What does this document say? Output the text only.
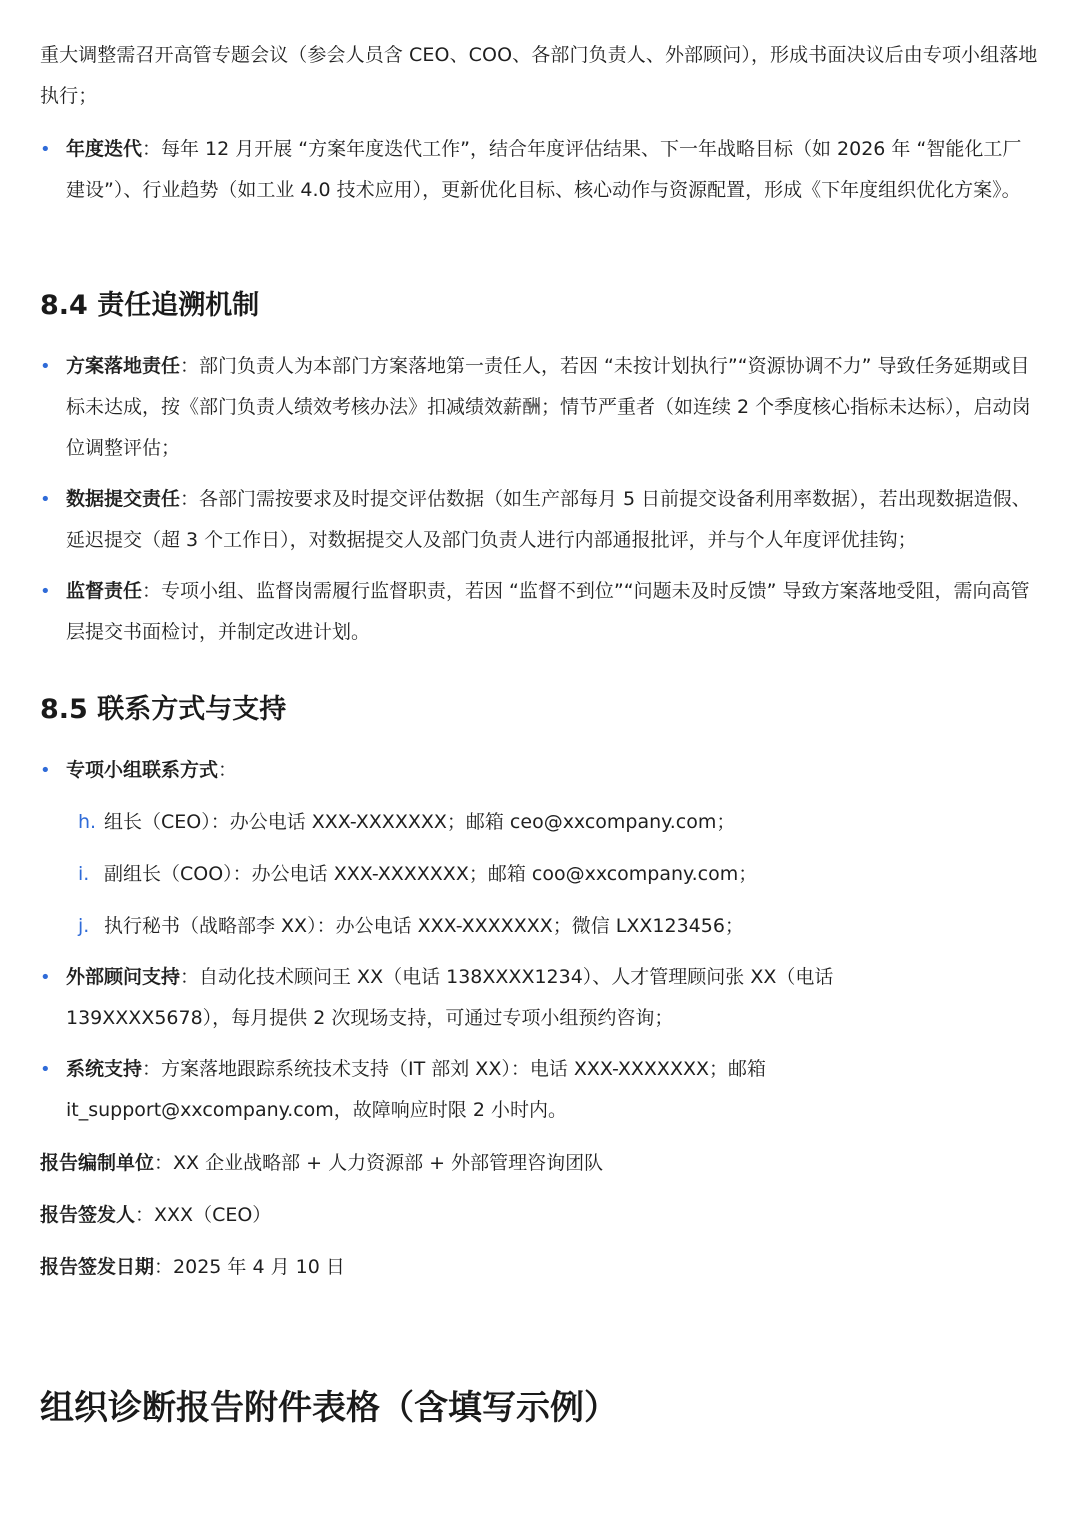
重大调整需召开高管专题会议（参会人员含 CEO、COO、各部门负责人、外部顾问），形成书面决议后由专项小组落地执行；

• 年度迭代：每年 12 月开展 “方案年度迭代工作”，结合年度评估结果、下一年战略目标（如 2026 年 “智能化工厂建设”）、行业趋势（如工业 4.0 技术应用），更新优化目标、核心动作与资源配置，形成《下年度组织优化方案》。
8.4 责任追溯机制
• 方案落地责任：部门负责人为本部门方案落地第一责任人，若因 “未按计划执行”“资源协调不力” 导致任务延期或目标未达成，按《部门负责人绩效考核办法》扣减绩效薪酬；情节严重者（如连续 2 个季度核心指标未达标），启动岗位调整评估；
• 数据提交责任：各部门需按要求及时提交评估数据（如生产部每月 5 日前提交设备利用率数据），若出现数据造假、延迟提交（超 3 个工作日），对数据提交人及部门负责人进行内部通报批评，并与个人年度评优挂钩；
• 监督责任：专项小组、监督岗需履行监督职责，若因 “监督不到位”“问题未及时反馈” 导致方案落地受阻，需向高管层提交书面检讨，并制定改进计划。
8.5 联系方式与支持
• 专项小组联系方式：
h. 组长（CEO）：办公电话 XXX-XXXXXXX；邮箱 ceo@xxcompany.com；
i. 副组长（COO）：办公电话 XXX-XXXXXXX；邮箱 coo@xxcompany.com；
j. 执行秘书（战略部李 XX）：办公电话 XXX-XXXXXXX；微信 LXX123456；
• 外部顾问支持：自动化技术顾问王 XX（电话 138XXXX1234）、人才管理顾问张 XX（电话
139XXXX5678），每月提供 2 次现场支持，可通过专项小组预约咨询；
• 系统支持：方案落地跟踪系统技术支持（IT 部刘 XX）：电话 XXX-XXXXXXX；邮箱
it_support@xxcompany.com，故障响应时限 2 小时内。

报告编制单位：XX 企业战略部 + 人力资源部 + 外部管理咨询团队

报告签发人：XXX（CEO）

报告签发日期：2025 年 4 月 10 日

组织诊断报告附件表格（含填写示例）
